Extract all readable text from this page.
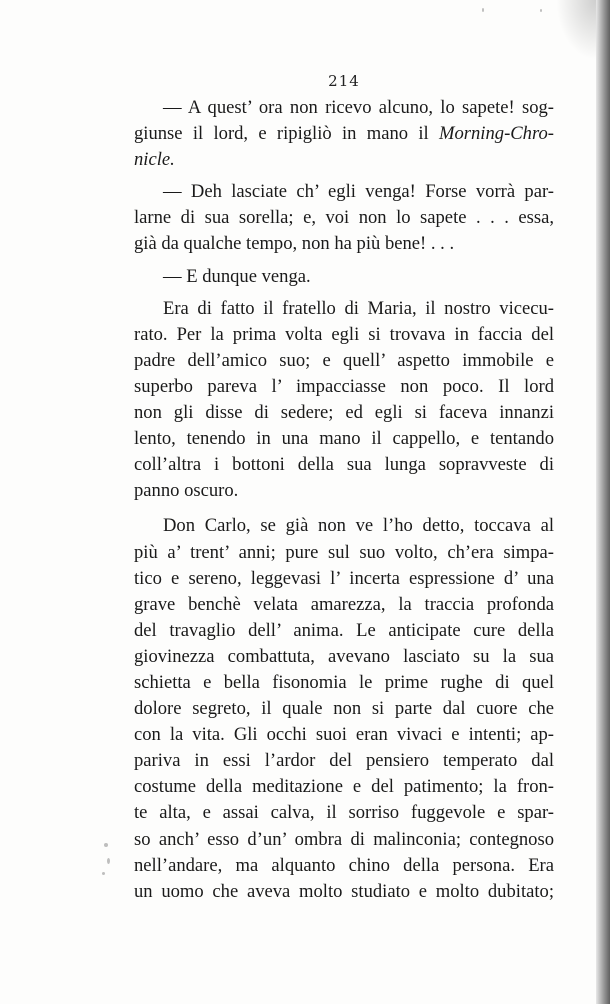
214
— A quest’ ora non ricevo alcuno, lo sapete! sog-
giunse il lord, e ripigliò in mano il Morning-Chro-
nicle.
— Deh lasciate ch’ egli venga! Forse vorrà par-
larne di sua sorella; e, voi non lo sapete . . . essa,
già da qualche tempo, non ha più bene! . . .
— E dunque venga.
Era di fatto il fratello di Maria, il nostro vicecu-
rato. Per la prima volta egli si trovava in faccia del
padre dell’amico suo; e quell’ aspetto immobile e
superbo pareva l’ impacciasse non poco. Il lord
non gli disse di sedere; ed egli si faceva innanzi
lento, tenendo in una mano il cappello, e tentando
coll’altra i bottoni della sua lunga sopravveste di
panno oscuro.
Don Carlo, se già non ve l’ho detto, toccava al
più a’ trent’ anni; pure sul suo volto, ch’era simpa-
tico e sereno, leggevasi l’ incerta espressione d’ una
grave benchè velata amarezza, la traccia profonda
del travaglio dell’ anima. Le anticipate cure della
giovinezza combattuta, avevano lasciato su la sua
schietta e bella fisonomia le prime rughe di quel
dolore segreto, il quale non si parte dal cuore che
con la vita. Gli occhi suoi eran vivaci e intenti; ap-
pariva in essi l’ardor del pensiero temperato dal
costume della meditazione e del patimento; la fron-
te alta, e assai calva, il sorriso fuggevole e spar-
so anch’ esso d’un’ ombra di malinconia; contegnoso
nell’andare, ma alquanto chino della persona. Era
un uomo che aveva molto studiato e molto dubitato;
